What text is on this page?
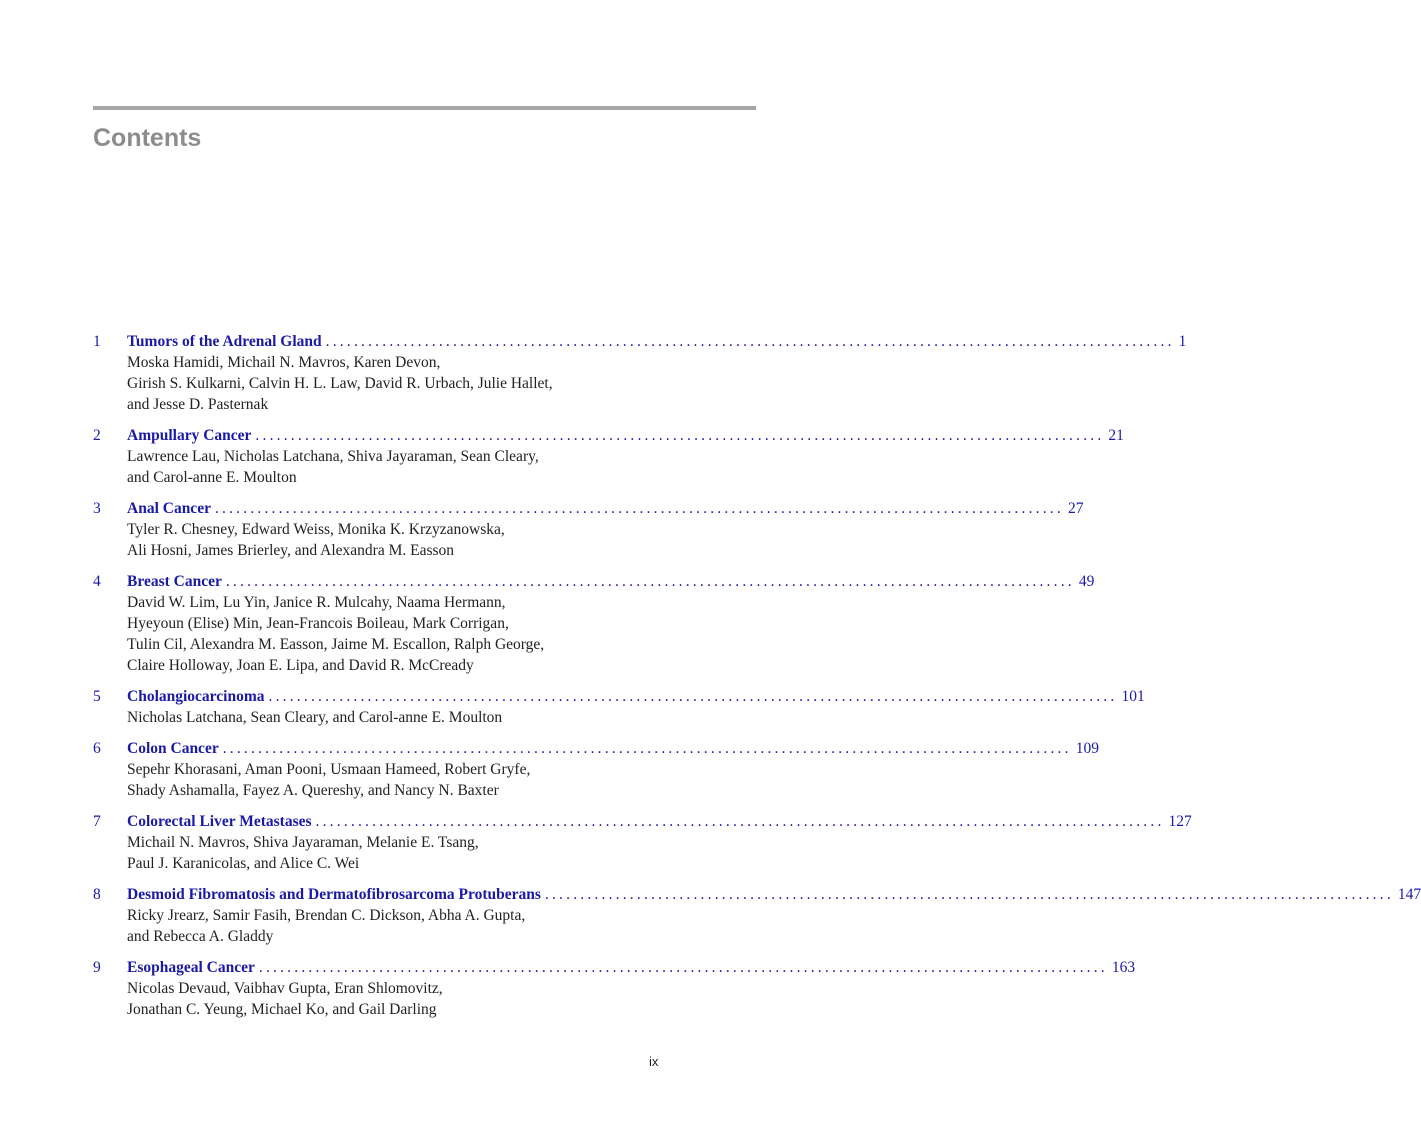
Contents
1	Tumors of the Adrenal Gland ........................................................................................................................ 1
Moska Hamidi, Michail N. Mavros, Karen Devon,
Girish S. Kulkarni, Calvin H. L. Law, David R. Urbach, Julie Hallet,
and Jesse D. Pasternak
2	Ampullary Cancer ........................................................................................................................ 21
Lawrence Lau, Nicholas Latchana, Shiva Jayaraman, Sean Cleary,
and Carol-anne E. Moulton
3	Anal Cancer ........................................................................................................................ 27
Tyler R. Chesney, Edward Weiss, Monika K. Krzyzanowska,
Ali Hosni, James Brierley, and Alexandra M. Easson
4	Breast Cancer ........................................................................................................................ 49
David W. Lim, Lu Yin, Janice R. Mulcahy, Naama Hermann,
Hyeyoun (Elise) Min, Jean-Francois Boileau, Mark Corrigan,
Tulin Cil, Alexandra M. Easson, Jaime M. Escallon, Ralph George,
Claire Holloway, Joan E. Lipa, and David R. McCready
5	Cholangiocarcinoma ........................................................................................................................ 101
Nicholas Latchana, Sean Cleary, and Carol-anne E. Moulton
6	Colon Cancer ........................................................................................................................ 109
Sepehr Khorasani, Aman Pooni, Usmaan Hameed, Robert Gryfe,
Shady Ashamalla, Fayez A. Quereshy, and Nancy N. Baxter
7	Colorectal Liver Metastases ........................................................................................................................ 127
Michail N. Mavros, Shiva Jayaraman, Melanie E. Tsang,
Paul J. Karanicolas, and Alice C. Wei
8	Desmoid Fibromatosis and Dermatofibrosarcoma Protuberans ........................................................................................................................ 147
Ricky Jrearz, Samir Fasih, Brendan C. Dickson, Abha A. Gupta,
and Rebecca A. Gladdy
9	Esophageal Cancer ........................................................................................................................ 163
Nicolas Devaud, Vaibhav Gupta, Eran Shlomovitz,
Jonathan C. Yeung, Michael Ko, and Gail Darling
ix
